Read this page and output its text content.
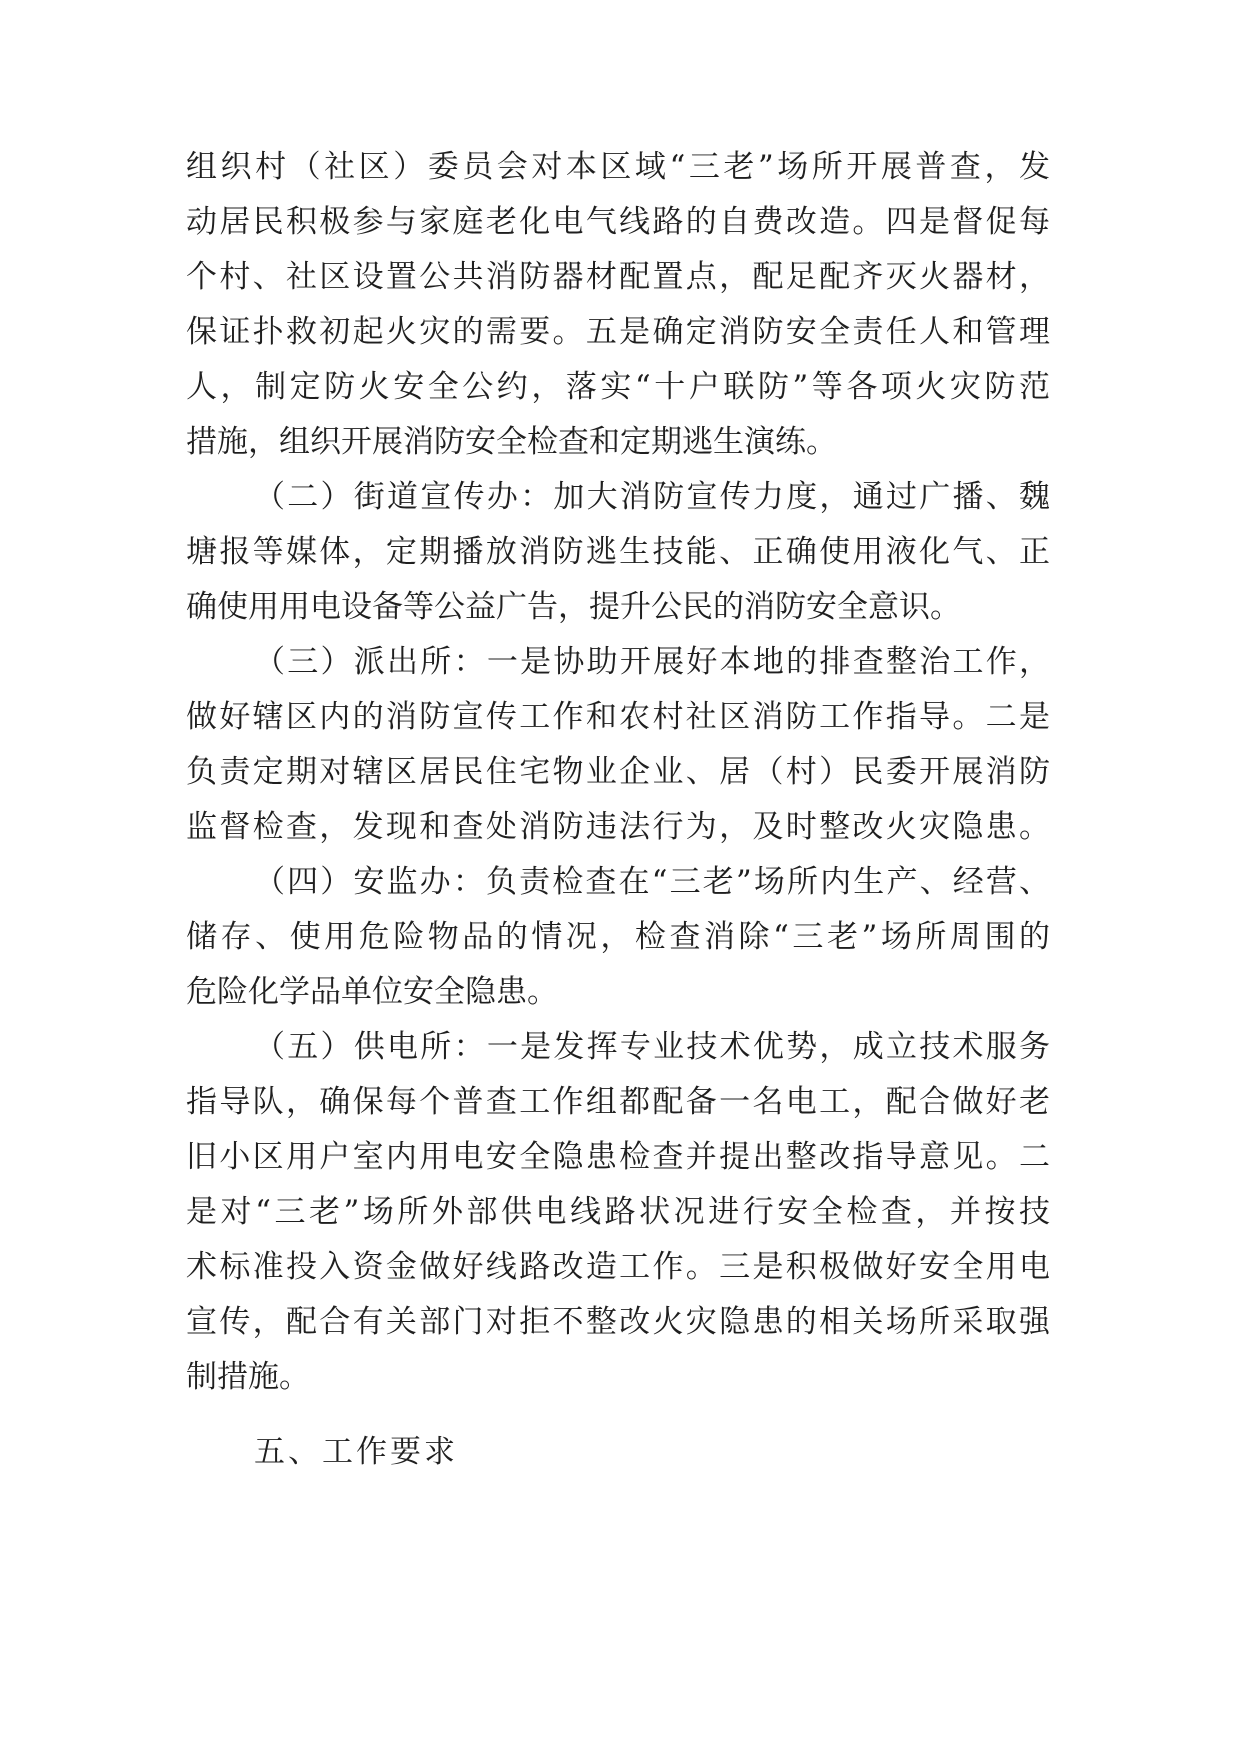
组织村（社区）委员会对本区域“三老”场所开展普查，发
动居民积极参与家庭老化电气线路的自费改造。四是督促每
个村、社区设置公共消防器材配置点，配足配齐灭火器材，
保证扑救初起火灾的需要。五是确定消防安全责任人和管理
人，制定防火安全公约，落实“十户联防”等各项火灾防范
措施，组织开展消防安全检查和定期逃生演练。
（二）街道宣传办：加大消防宣传力度，通过广播、魏
塘报等媒体，定期播放消防逃生技能、正确使用液化气、正
确使用用电设备等公益广告，提升公民的消防安全意识。
（三）派出所：一是协助开展好本地的排查整治工作，
做好辖区内的消防宣传工作和农村社区消防工作指导。二是
负责定期对辖区居民住宅物业企业、居（村）民委开展消防
监督检查，发现和查处消防违法行为，及时整改火灾隐患。
（四）安监办：负责检查在“三老”场所内生产、经营、
储存、使用危险物品的情况，检查消除“三老”场所周围的
危险化学品单位安全隐患。
（五）供电所：一是发挥专业技术优势，成立技术服务
指导队，确保每个普查工作组都配备一名电工，配合做好老
旧小区用户室内用电安全隐患检查并提出整改指导意见。二
是对“三老”场所外部供电线路状况进行安全检查，并按技
术标准投入资金做好线路改造工作。三是积极做好安全用电
宣传，配合有关部门对拒不整改火灾隐患的相关场所采取强
制措施。
五、工作要求
